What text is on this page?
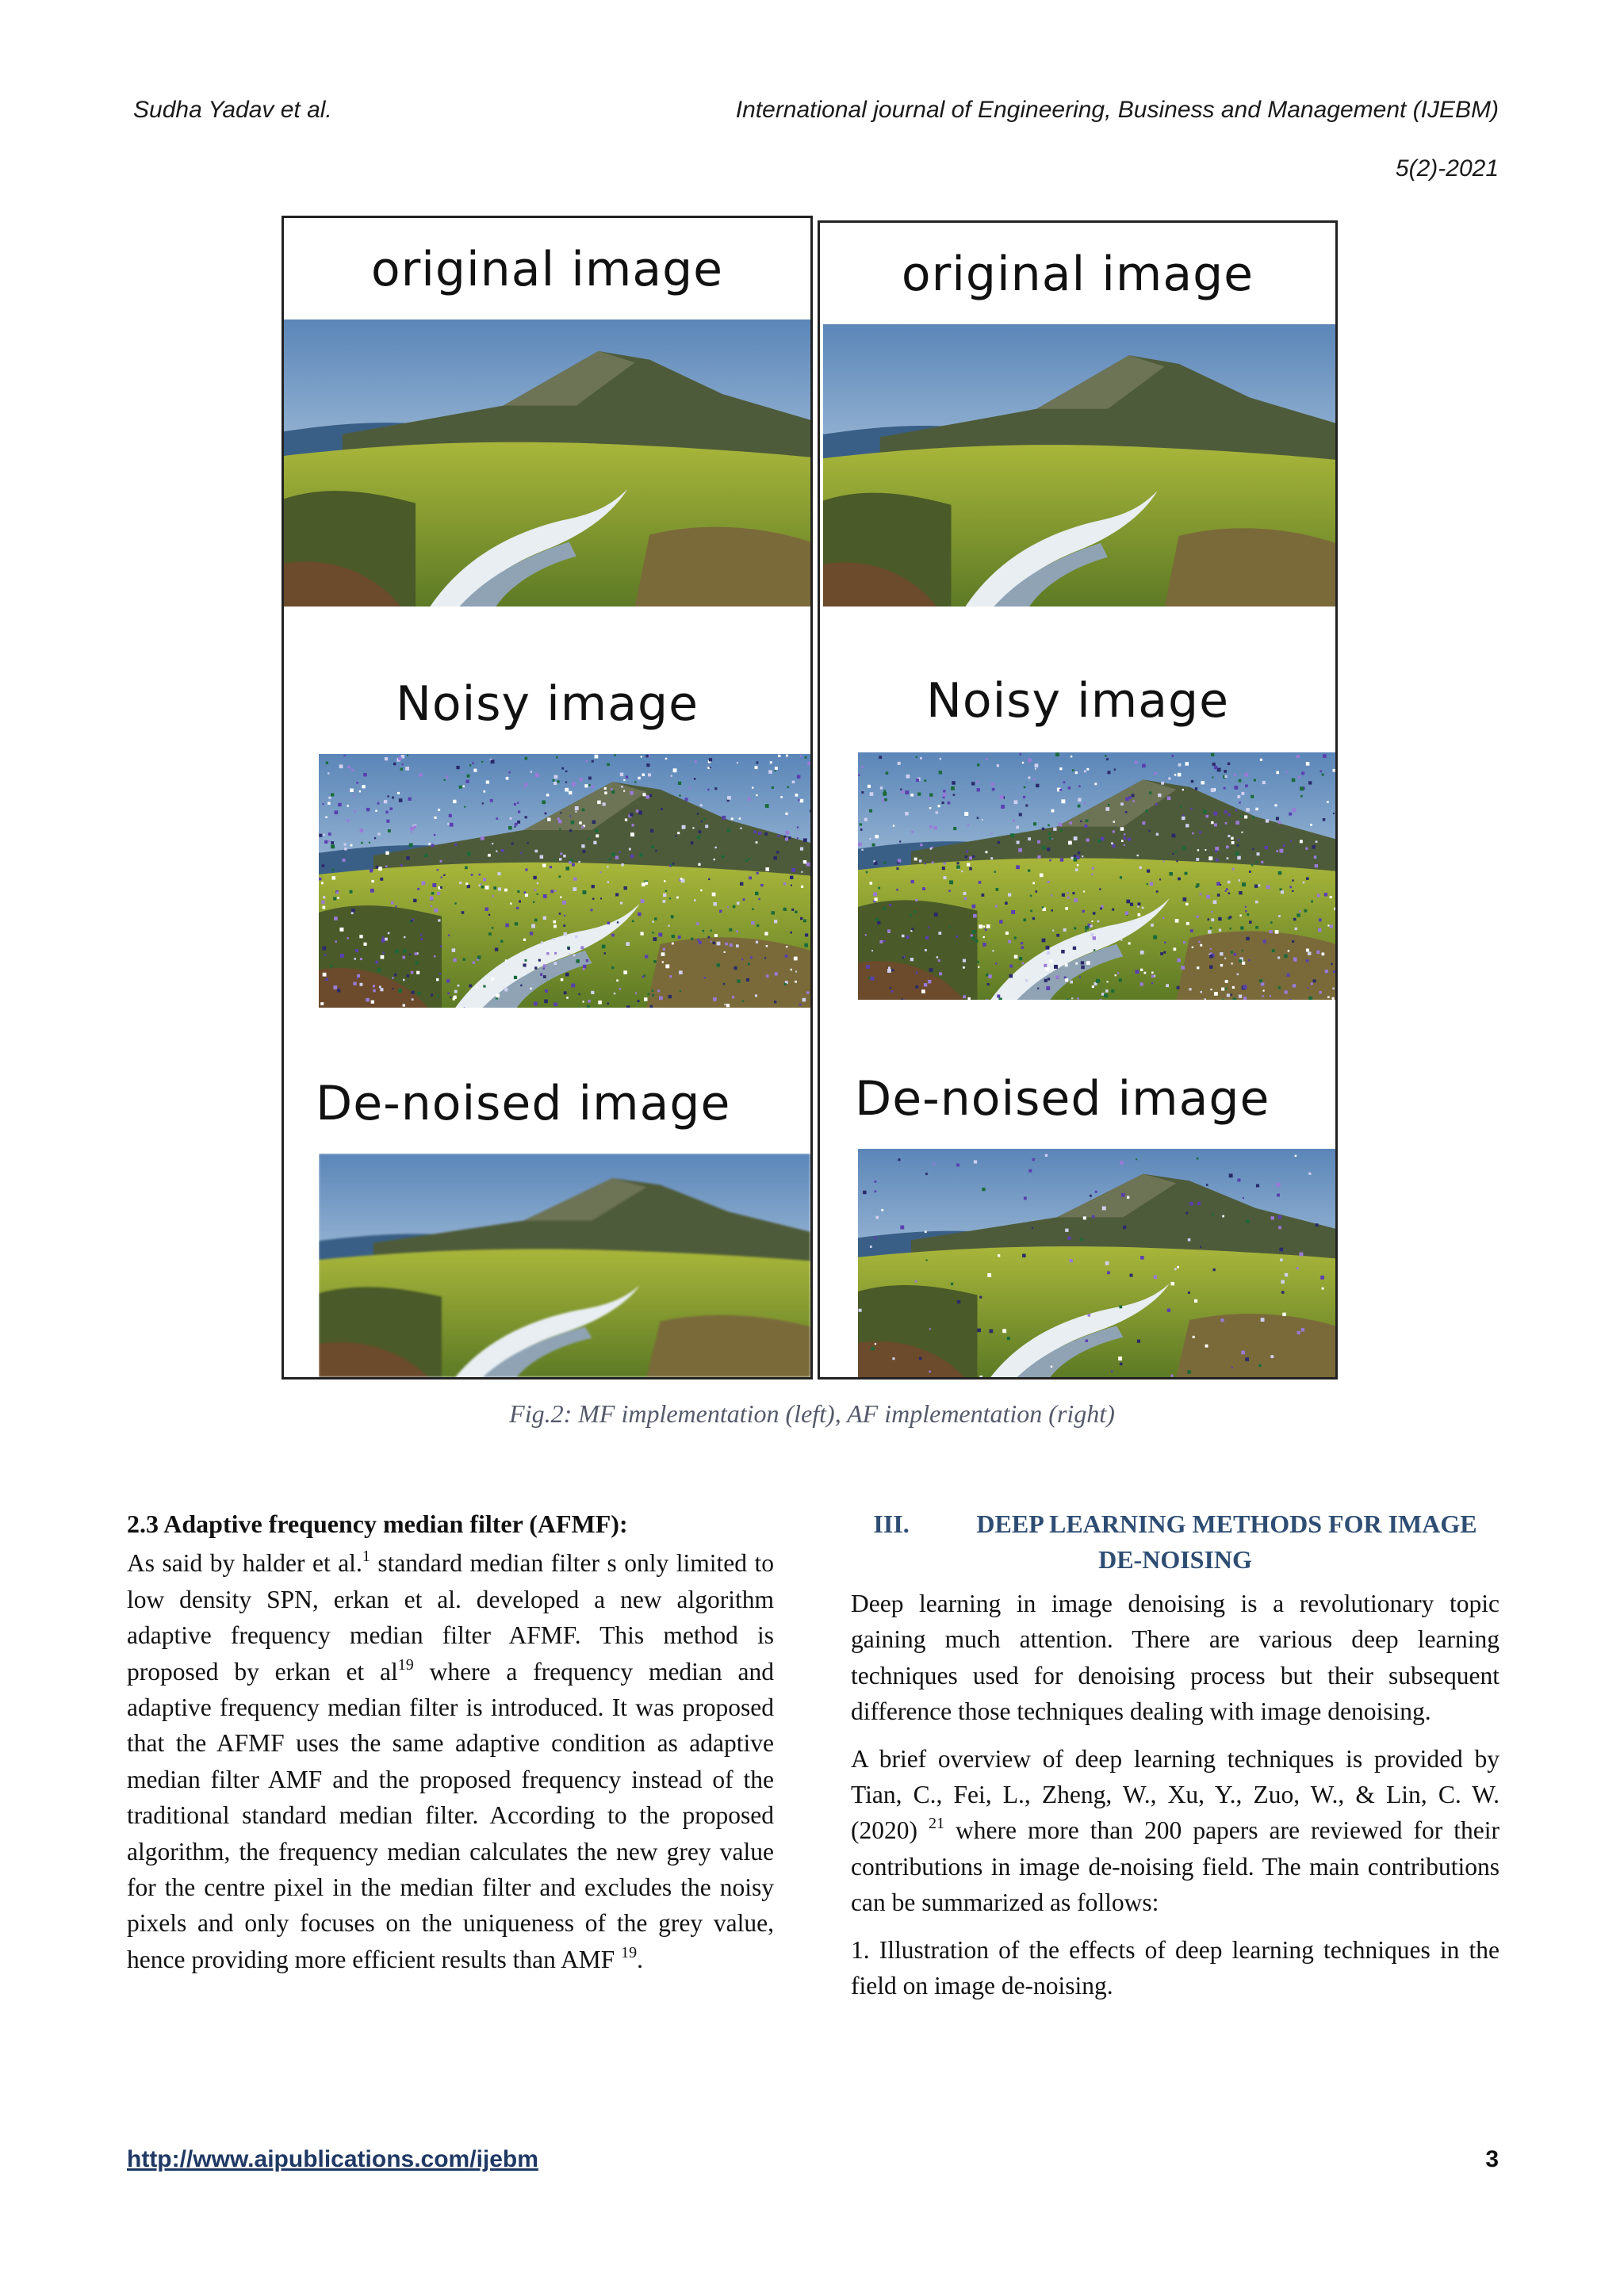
Sudha Yadav et al.	International journal of Engineering, Business and Management (IJEBM)
5(2)-2021
original image
Noisy image
De-noised image
original image
Noisy image
De-noised image
Fig.2: MF implementation (left), AF implementation (right)
2.3 Adaptive frequency median filter (AFMF):

As said by halder et al.$^1$ standard median filter s only limited to low density SPN, erkan et al. developed a new algorithm adaptive frequency median filter AFMF. This method is proposed by erkan et $al^{19}$ where a frequency median and adaptive frequency median filter is introduced. It was proposed that the AFMF uses the same adaptive condition as adaptive median filter AMF and the proposed frequency instead of the traditional standard median filter. According to the proposed algorithm, the frequency median calculates the new grey value for the centre pixel in the median filter and excludes the noisy pixels and only focuses on the uniqueness of the grey value, hence providing more efficient results than AMF $^{19}$.

III.	DEEP LEARNING METHODS FOR IMAGE DE-NOISING

Deep learning in image denoising is a revolutionary topic gaining much attention. There are various deep learning techniques used for denoising process but their subsequent difference those techniques dealing with image denoising.

A brief overview of deep learning techniques is provided by Tian, C., Fei, L., Zheng, W., Xu, Y., Zuo, W., & Lin, C. W. (2020) $^{21}$ where more than 200 papers are reviewed for their contributions in image de-noising field. The main contributions can be summarized as follows:

1. Illustration of the effects of deep learning techniques in the field on image de-noising.

http://www.aipublications.com/ijebm	3
